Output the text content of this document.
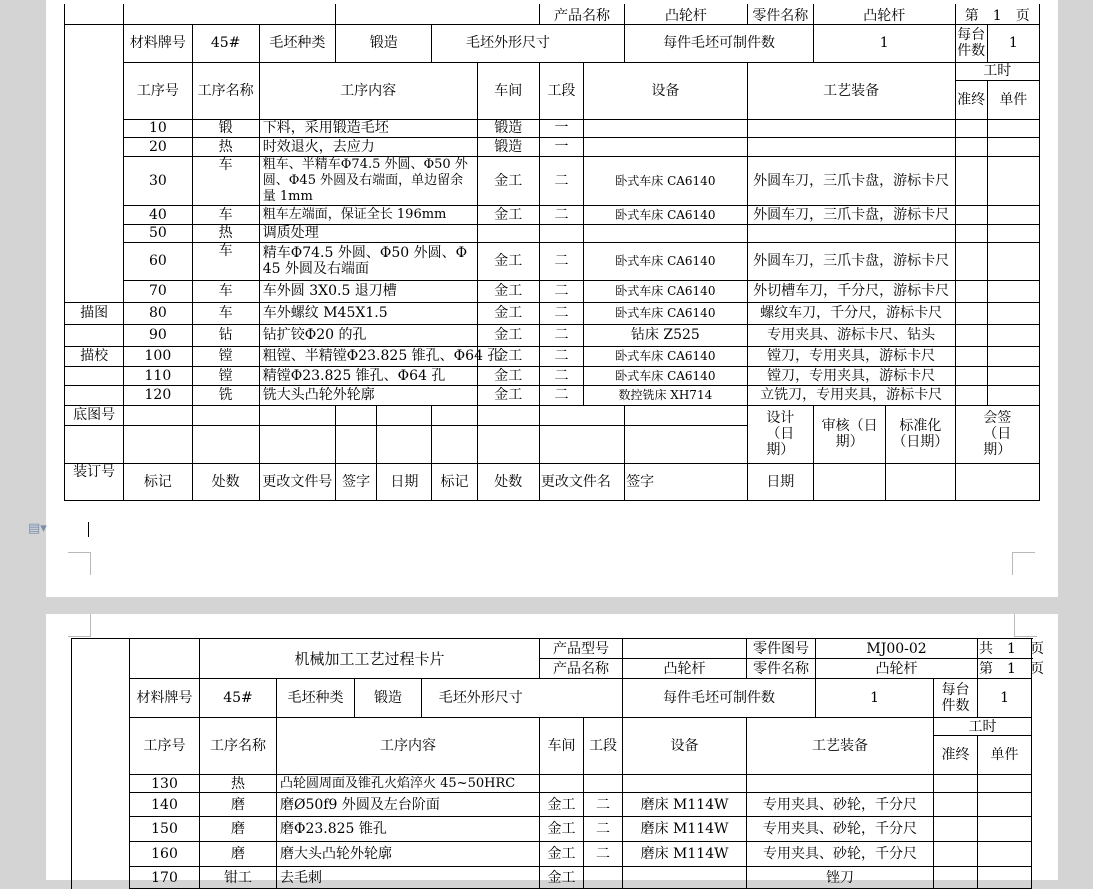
								产品名称		凸轮杆	零件名称	凸轮杆		第　1　页	
	材料牌号	45#	毛坯种类	锻造		毛坯外形尺寸				每件毛坯可制件数		1		每台件数	1
	工序号	工序名称	工序内容				车间	工段	设备		工艺装备			工时	
														准终	单件
	10	锻	下料，采用锻造毛坯				锻造	一							
	20	热	时效退火，去应力				锻造	一							
	30	车	粗车、半精车Φ74.5 外圆、Φ50 外圆、Φ45 外圆及右端面，单边留余量 1mm				金工	二	卧式车床 CA6140		外圆车刀，三爪卡盘，游标卡尺				
	40	车	粗车左端面，保证全长 196mm				金工	二	卧式车床 CA6140		外圆车刀，三爪卡盘，游标卡尺				
	50	热	调质处理												
	60	车	精车Φ74.5 外圆、Φ50 外圆、Φ45 外圆及右端面				金工	二	卧式车床 CA6140		外圆车刀，三爪卡盘，游标卡尺				
	70	车	车外圆 3X0.5 退刀槽				金工	二	卧式车床 CA6140		外切槽车刀，千分尺，游标卡尺				
描图	80	车	车外螺纹 M45X1.5				金工	二	卧式车床 CA6140		螺纹车刀，千分尺，游标卡尺				
	90	钻	钻扩铰Φ20 的孔				金工	二	钻床 Z525		专用夹具、游标卡尺、钻头				
描校	100	镗	粗镗、半精镗Φ23.825 锥孔、Φ64 孔				金工	二	卧式车床 CA6140		镗刀，专用夹具，游标卡尺				
	110	镗	精镗Φ23.825 锥孔、Φ64 孔				金工	二	卧式车床 CA6140		镗刀，专用夹具，游标卡尺				
	120	铣	铣大头凸轮外轮廓				金工	二	数控铣床 XH714		立铣刀，专用夹具，游标卡尺				
底图号											设计（日期）	审核（日期）	标准化（日期）	会签（日期）	

装订号	标记	处数	更改文件号	签字	日期	标记	处数	更改文件名		签字	日期				
▤▾
		机械加工工艺过程卡片				产品型号			零件图号	MJ00-02		共　1　页
						产品名称		凸轮杆	零件名称	凸轮杆		第　1　页
	材料牌号	45#	毛坯种类	锻造	毛坯外形尺寸			每件毛坯可制件数		1	每台件数	1
	工序号	工序名称	工序内容			车间	工段	设备	工艺装备		工时	
											准终	单件
	130	热	凸轮圆周面及锥孔火焰淬火 45~50HRC									
	140	磨	磨Ø50f9 外圆及左台阶面			金工	二	磨床 M114W	专用夹具、砂轮，千分尺			
	150	磨	磨Φ23.825 锥孔			金工	二	磨床 M114W	专用夹具、砂轮，千分尺			
	160	磨	磨大头凸轮外轮廓			金工	二	磨床 M114W	专用夹具、砂轮，千分尺			
	170	钳工	去毛刺			金工			锉刀			
